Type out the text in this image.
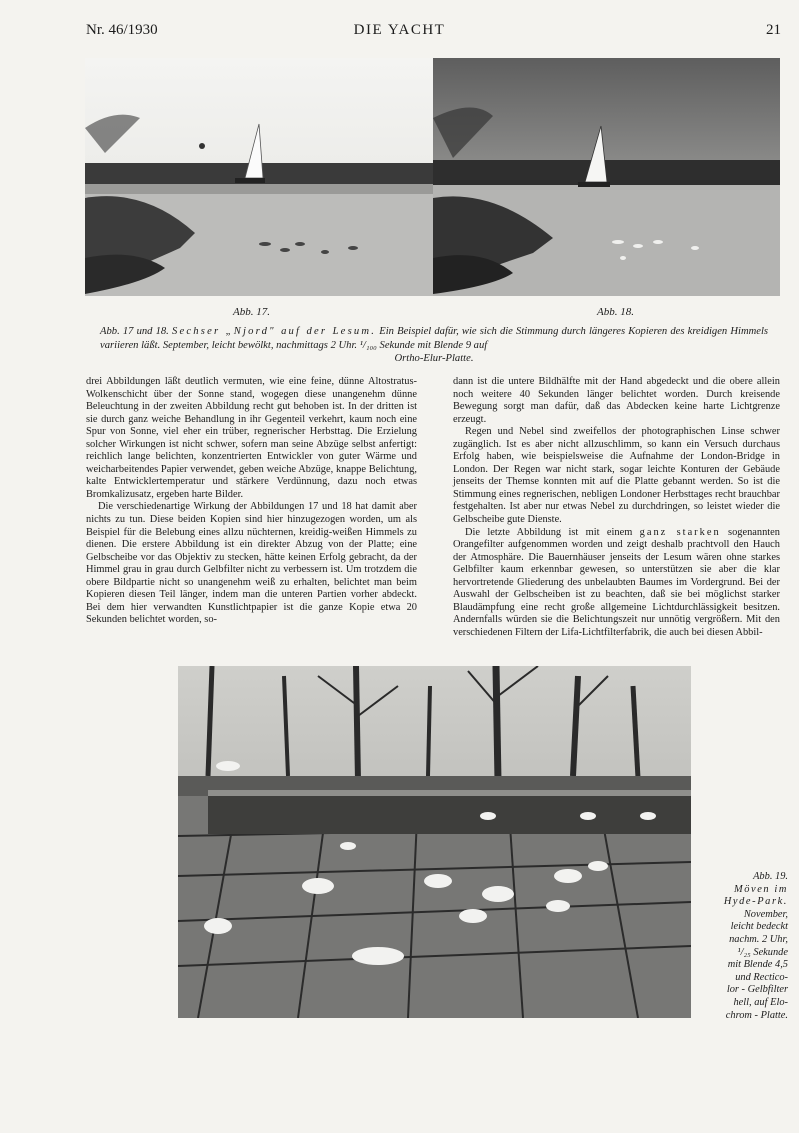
Nr. 46/1930	DIE YACHT	21
Abb. 17.	Abb. 18.
Abb. 17 und 18. Sechser „Njord" auf der Lesum. Ein Beispiel dafür, wie sich die Stimmung durch längeres Kopieren des kreidigen Himmels variieren läßt. September, leicht bewölkt, nachmittags 2 Uhr. ¹/₁₀₀ Sekunde mit Blende 9 auf
Ortho-Elur-Platte.

drei Abbildungen läßt deutlich vermuten, wie eine feine, dünne Altostratus-Wolkenschicht über der Sonne stand, wogegen diese unangenehm dünne Beleuchtung in der zweiten Abbildung recht gut behoben ist. In der dritten ist sie durch ganz weiche Behandlung in ihr Gegenteil verkehrt, kaum noch eine Spur von Sonne, viel eher ein trüber, regnerischer Herbsttag. Die Erzielung solcher Wirkungen ist nicht schwer, sofern man seine Abzüge selbst anfertigt: reichlich lange belichten, konzentrierten Entwickler von guter Wärme und weicharbeitendes Papier verwendet, geben weiche Abzüge, knappe Belichtung, kalte Entwicklertemperatur und stärkere Verdünnung, dazu noch etwas Bromkalizusatz, ergeben harte Bilder.

Die verschiedenartige Wirkung der Abbildungen 17 und 18 hat damit aber nichts zu tun. Diese beiden Kopien sind hier hinzugezogen worden, um als Beispiel für die Belebung eines allzu nüchternen, kreidig-weißen Himmels zu dienen. Die erstere Abbildung ist ein direkter Abzug von der Platte; eine Gelbscheibe vor das Objektiv zu stecken, hätte keinen Erfolg gebracht, da der Himmel grau in grau durch Gelbfilter nicht zu verbessern ist. Um trotzdem die obere Bildpartie nicht so unangenehm weiß zu erhalten, belichtet man beim Kopieren diesen Teil länger, indem man die unteren Partien vorher abdeckt. Bei dem hier verwandten Kunstlichtpapier ist die ganze Kopie etwa 20 Sekunden belichtet worden, so-

dann ist die untere Bildhälfte mit der Hand abgedeckt und die obere allein noch weitere 40 Sekunden länger belichtet worden. Durch kreisende Bewegung sorgt man dafür, daß das Abdecken keine harte Lichtgrenze erzeugt.

Regen und Nebel sind zweifellos der photographischen Linse schwer zugänglich. Ist es aber nicht allzuschlimm, so kann ein Versuch durchaus Erfolg haben, wie beispielsweise die Aufnahme der London-Bridge in London. Der Regen war nicht stark, sogar leichte Konturen der Gebäude jenseits der Themse konnten mit auf die Platte gebannt werden. So ist die Stimmung eines regnerischen, nebligen Londoner Herbsttages recht brauchbar festgehalten. Ist aber nur etwas Nebel zu durchdringen, so leistet wieder die Gelbscheibe gute Dienste.

Die letzte Abbildung ist mit einem ganz starken sogenannten Orangefilter aufgenommen worden und zeigt deshalb prachtvoll den Hauch der Atmosphäre. Die Bauernhäuser jenseits der Lesum wären ohne starkes Gelbfilter kaum erkennbar gewesen, so unterstützen sie aber die klar hervortretende Gliederung des unbelaubten Baumes im Vordergrund. Bei der Auswahl der Gelbscheiben ist zu beachten, daß sie bei möglichst starker Blaudämpfung eine recht große allgemeine Lichtdurchlässigkeit besitzen. Andernfalls würden sie die Belichtungszeit nur unnötig vergrößern. Mit den verschiedenen Filtern der Lifa-Lichtfilterfabrik, die auch bei diesen Abbil-

Abb. 19.
Möven im
Hyde-Park.
November,
leicht bedeckt
nachm. 2 Uhr,
¹/₂₅ Sekunde
mit Blende 4,5
und Rectico-
lor - Gelbfilter
hell, auf Elo-
chrom - Platte.
